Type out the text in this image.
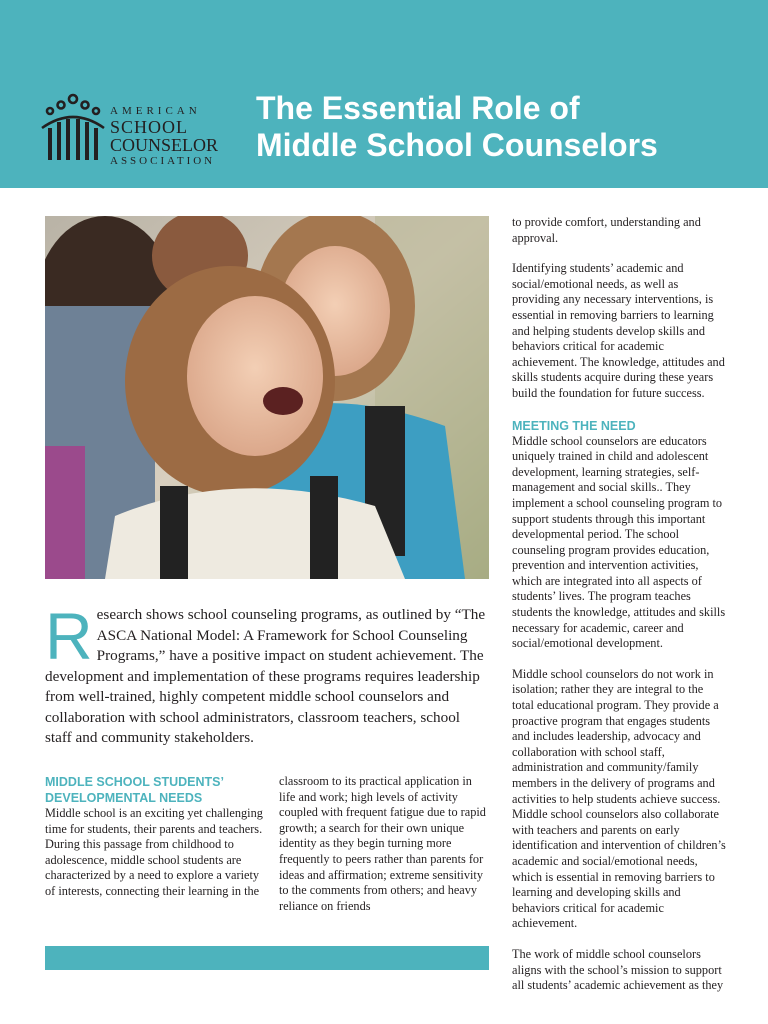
AMERICAN
SCHOOL
COUNSELOR
ASSOCIATION
The Essential Role of
Middle School Counselors
R esearch shows school counseling programs, as outlined by “The ASCA National Model: A Framework for School Counseling Programs,” have a positive impact on student achievement. The development and implementation of these programs requires leadership from well-trained, highly competent middle school counselors and collaboration with school administrators, classroom teachers, school staff and community stakeholders.
MIDDLE SCHOOL STUDENTS’ DEVELOPMENTAL NEEDS

Middle school is an exciting yet challenging time for students, their parents and teachers. During this passage from childhood to adolescence, middle school students are characterized by a need to explore a variety of interests, connecting their learning in the

classroom to its practical application in life and work; high levels of activity coupled with frequent fatigue due to rapid growth; a search for their own unique identity as they begin turning more frequently to peers rather than parents for ideas and affirmation; extreme sensitivity to the comments from others; and heavy reliance on friends

to provide comfort, understanding and approval.

Identifying students’ academic and social/emotional needs, as well as providing any necessary interventions, is essential in removing barriers to learning and helping students develop skills and behaviors critical for academic achievement. The knowledge, attitudes and skills students acquire during these years build the foundation for future success.

MEETING THE NEED

Middle school counselors are educators uniquely trained in child and adolescent development, learning strategies, self-management and social skills.. They implement a school counseling program to support students through this important developmental period. The school counseling program provides education, prevention and intervention activities, which are integrated into all aspects of students’ lives. The program teaches students the knowledge, attitudes and skills necessary for academic, career and social/emotional development.

Middle school counselors do not work in isolation; rather they are integral to the total educational program. They provide a proactive program that engages students and includes leadership, advocacy and collaboration with school staff, administration and community/family members in the delivery of programs and activities to help students achieve success. Middle school counselors also collaborate with teachers and parents on early identification and intervention of children’s academic and social/emotional needs, which is essential in removing barriers to learning and developing skills and behaviors critical for academic achievement.

The work of middle school counselors aligns with the school’s mission to support all students’ academic achievement as they
